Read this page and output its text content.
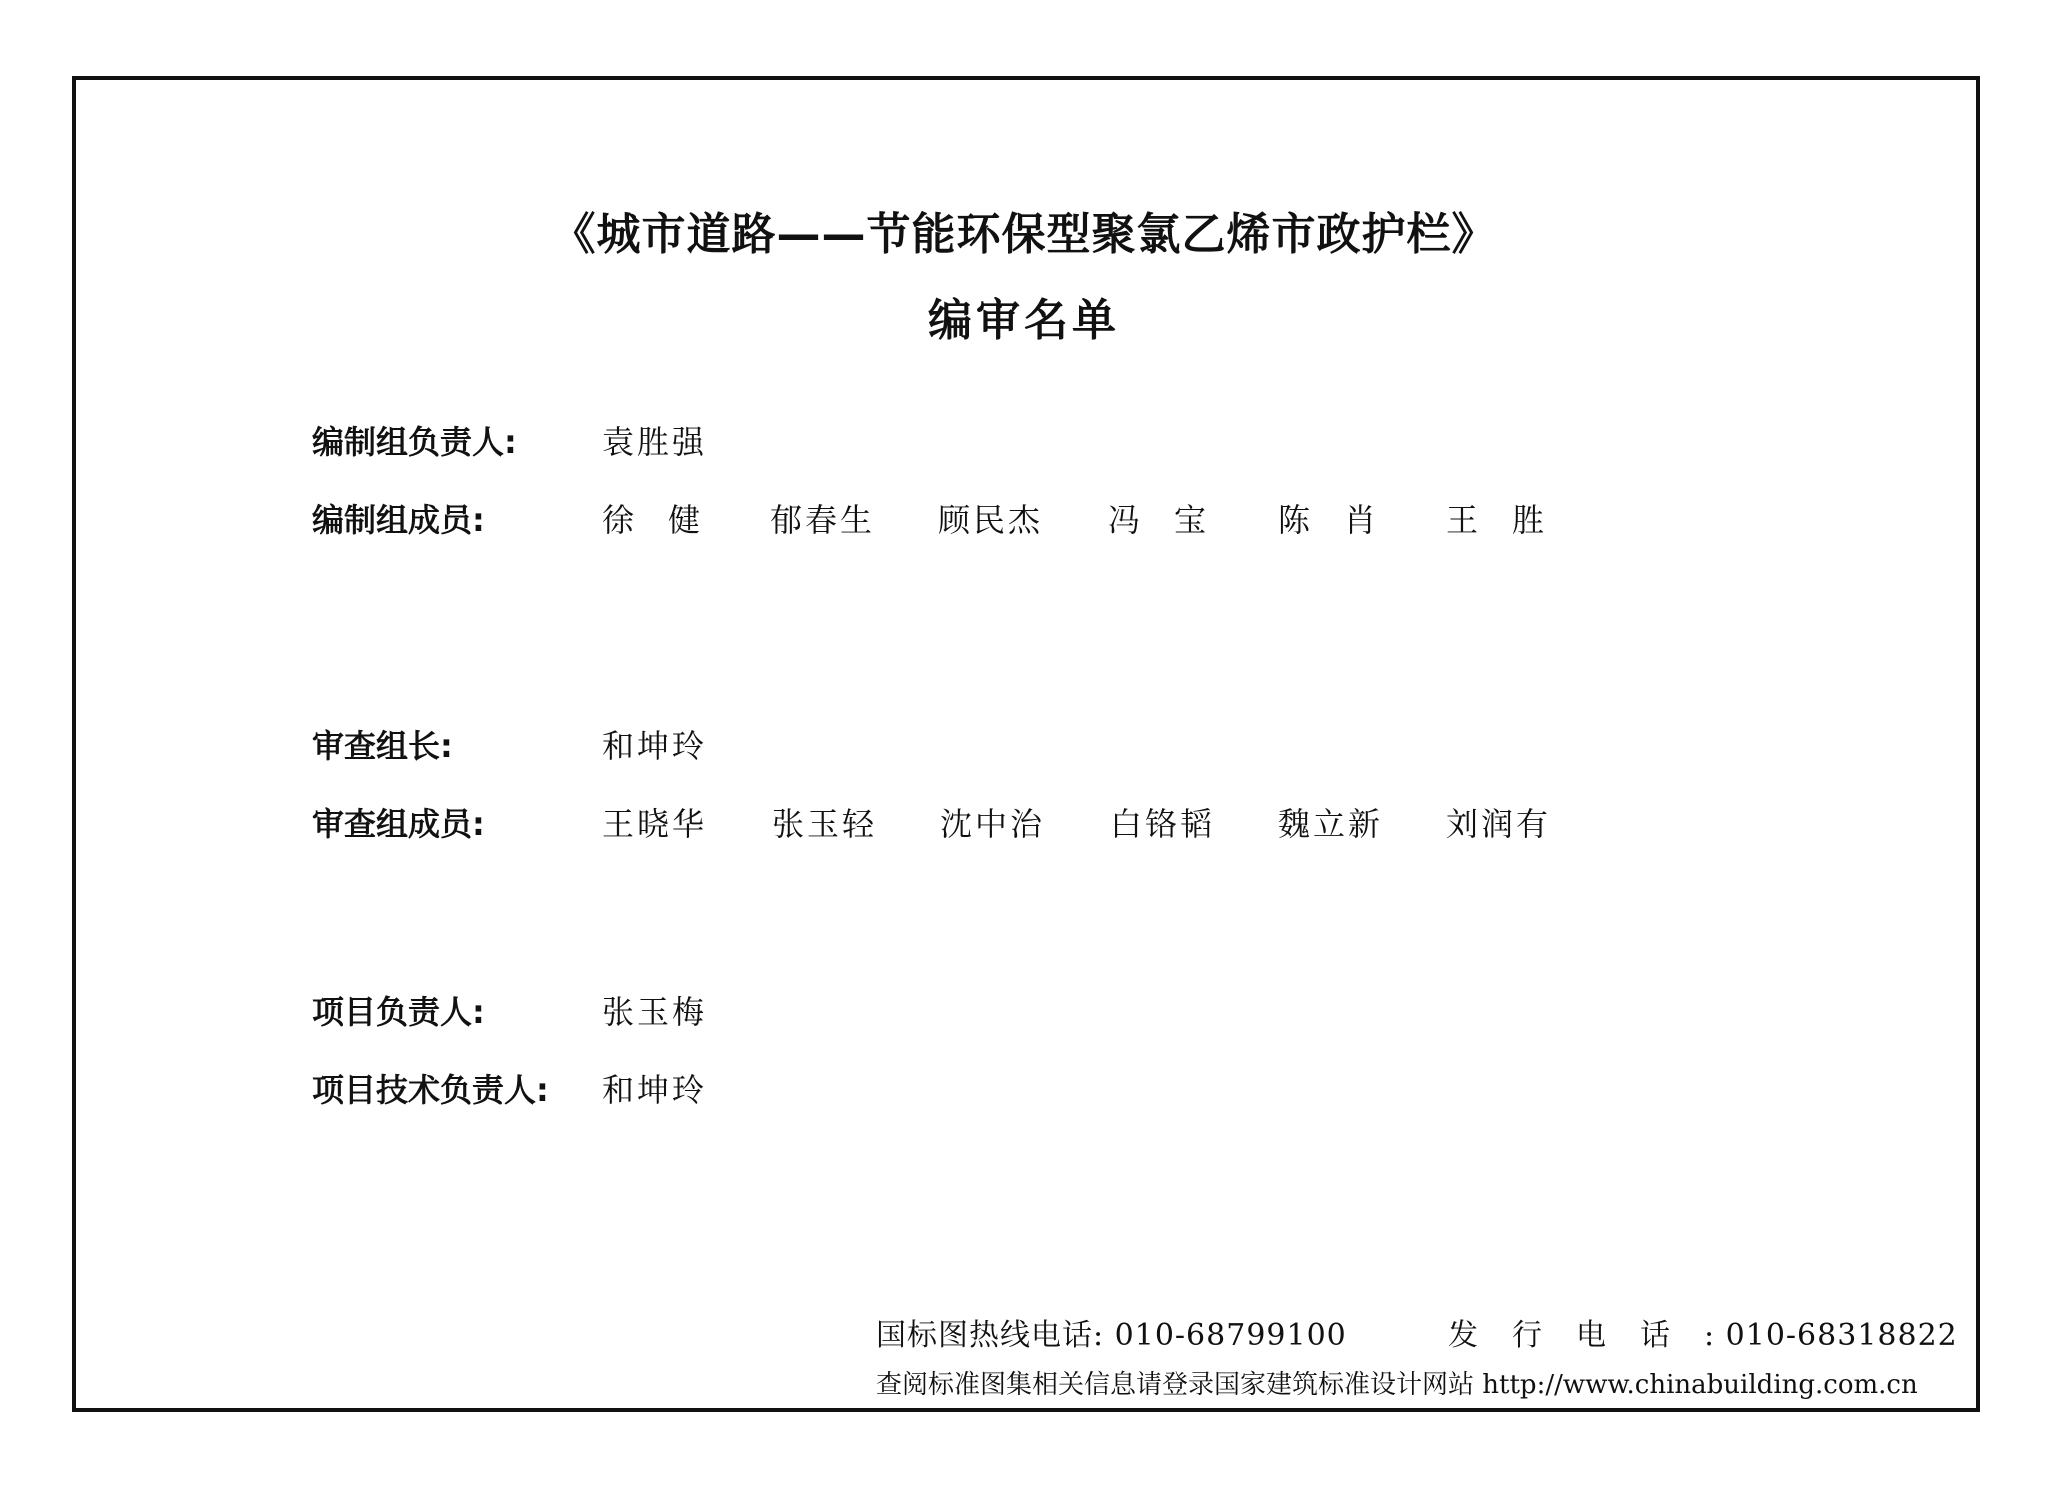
《城市道路——节能环保型聚氯乙烯市政护栏》
编审名单
编制组负责人:	袁胜强
编制组成员:	徐健 郁春生 顾民杰 冯宝 陈肖 王胜
审查组长:	和坤玲
审查组成员:	王晓华 张玉轻 沈中治 白铬韬 魏立新 刘润有
项目负责人:	张玉梅
项目技术负责人: 和坤玲
国标图热线电话: 010-68799100	发行电话: 010-68318822
查阅标准图集相关信息请登录国家建筑标准设计网站 http://www.chinabuilding.com.cn
